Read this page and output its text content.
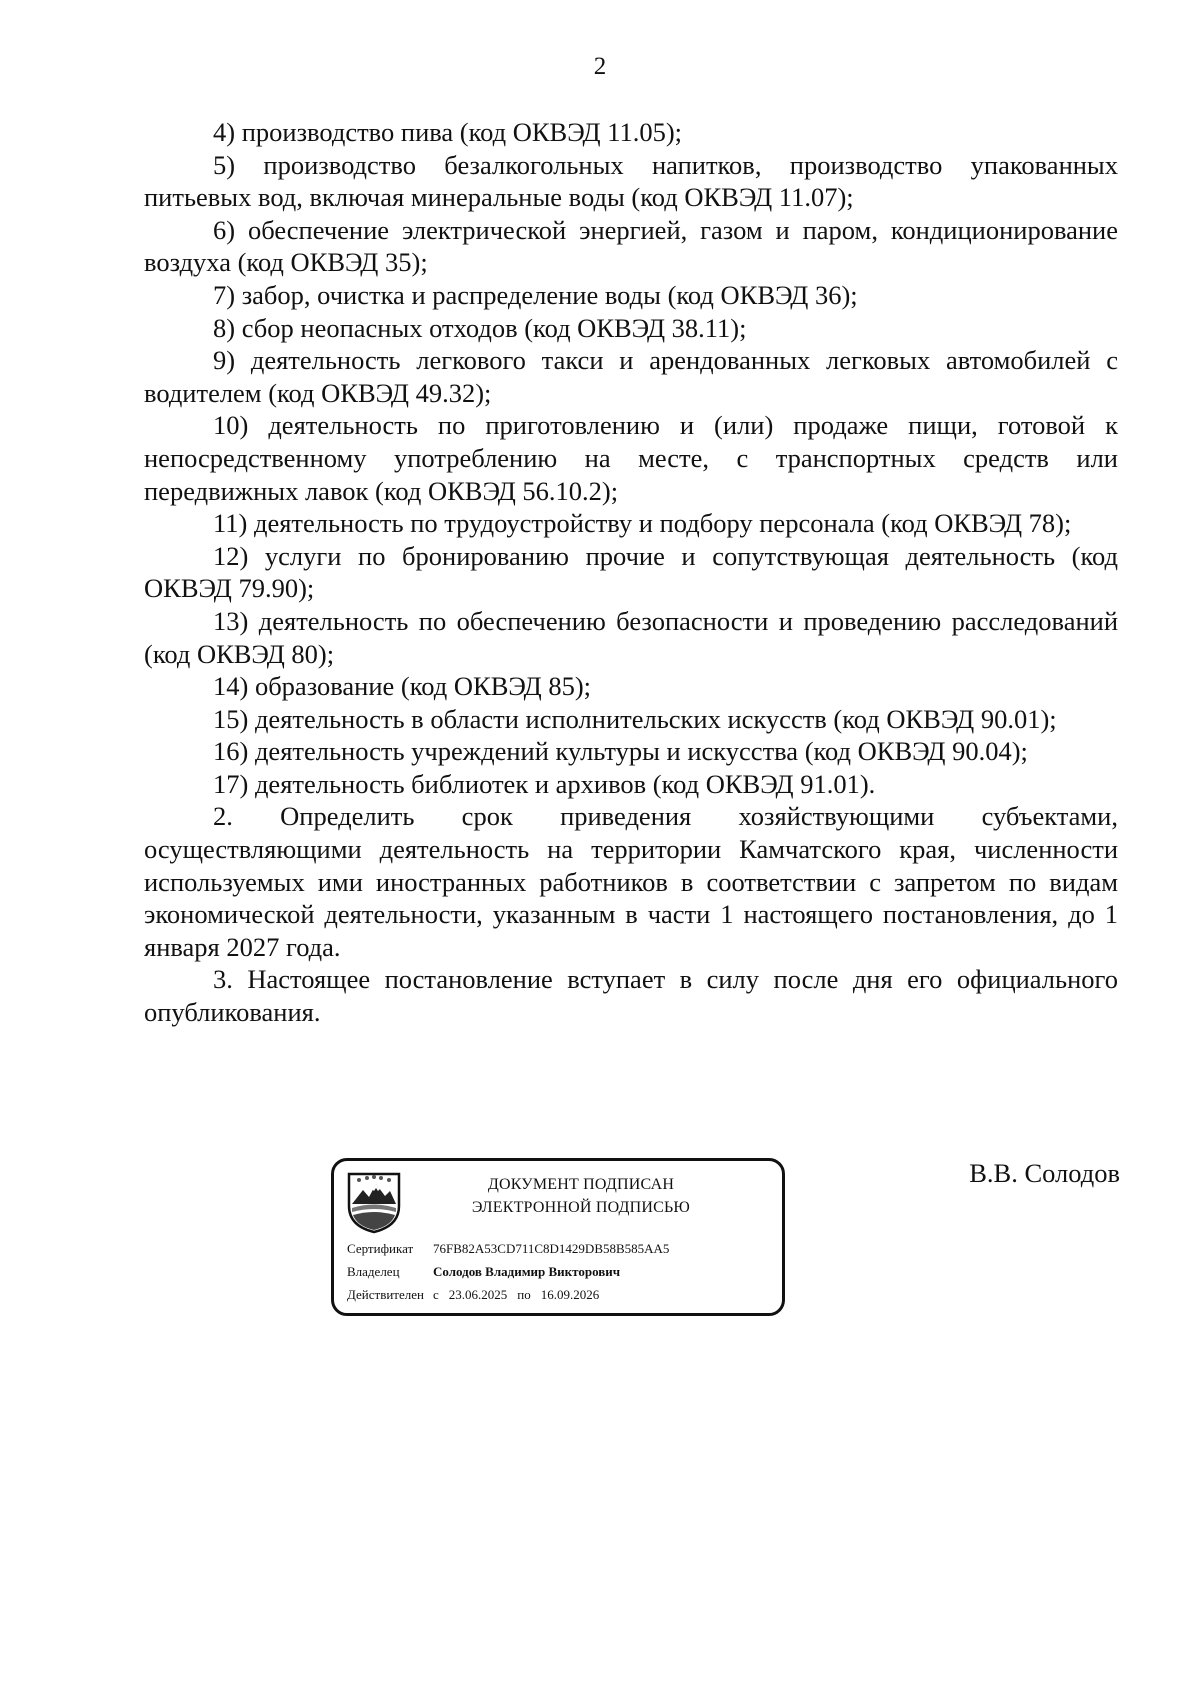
2

4) производство пива (код ОКВЭД 11.05);

5) производство безалкогольных напитков, производство упакованных питьевых вод, включая минеральные воды (код ОКВЭД 11.07);

6) обеспечение электрической энергией, газом и паром, кондиционирование воздуха (код ОКВЭД 35);

7) забор, очистка и распределение воды (код ОКВЭД 36);

8) сбор неопасных отходов (код ОКВЭД 38.11);

9) деятельность легкового такси и арендованных легковых автомобилей с водителем (код ОКВЭД 49.32);

10) деятельность по приготовлению и (или) продаже пищи, готовой к непосредственному употреблению на месте, с транспортных средств или передвижных лавок (код ОКВЭД 56.10.2);

11) деятельность по трудоустройству и подбору персонала (код ОКВЭД 78);

12) услуги по бронированию прочие и сопутствующая деятельность (код ОКВЭД 79.90);

13) деятельность по обеспечению безопасности и проведению расследований (код ОКВЭД 80);

14) образование (код ОКВЭД 85);

15) деятельность в области исполнительских искусств (код ОКВЭД 90.01);

16) деятельность учреждений культуры и искусства (код ОКВЭД 90.04);

17) деятельность библиотек и архивов (код ОКВЭД 91.01).

2. Определить срок приведения хозяйствующими субъектами, осуществляющими деятельность на территории Камчатского края, численности используемых ими иностранных работников в соответствии с запретом по видам экономической деятельности, указанным в части 1 настоящего постановления, до 1 января 2027 года.

3. Настоящее постановление вступает в силу после дня его официального опубликования.

В.В. Солодов
ДОКУМЕНТ ПОДПИСАН
ЭЛЕКТРОННОЙ ПОДПИСЬЮ
Сертификат 76FB82A53CD711C8D1429DB58B585AA5
Владелец	Солодов Владимир Викторович
Действителен с 23.06.2025 по 16.09.2026
